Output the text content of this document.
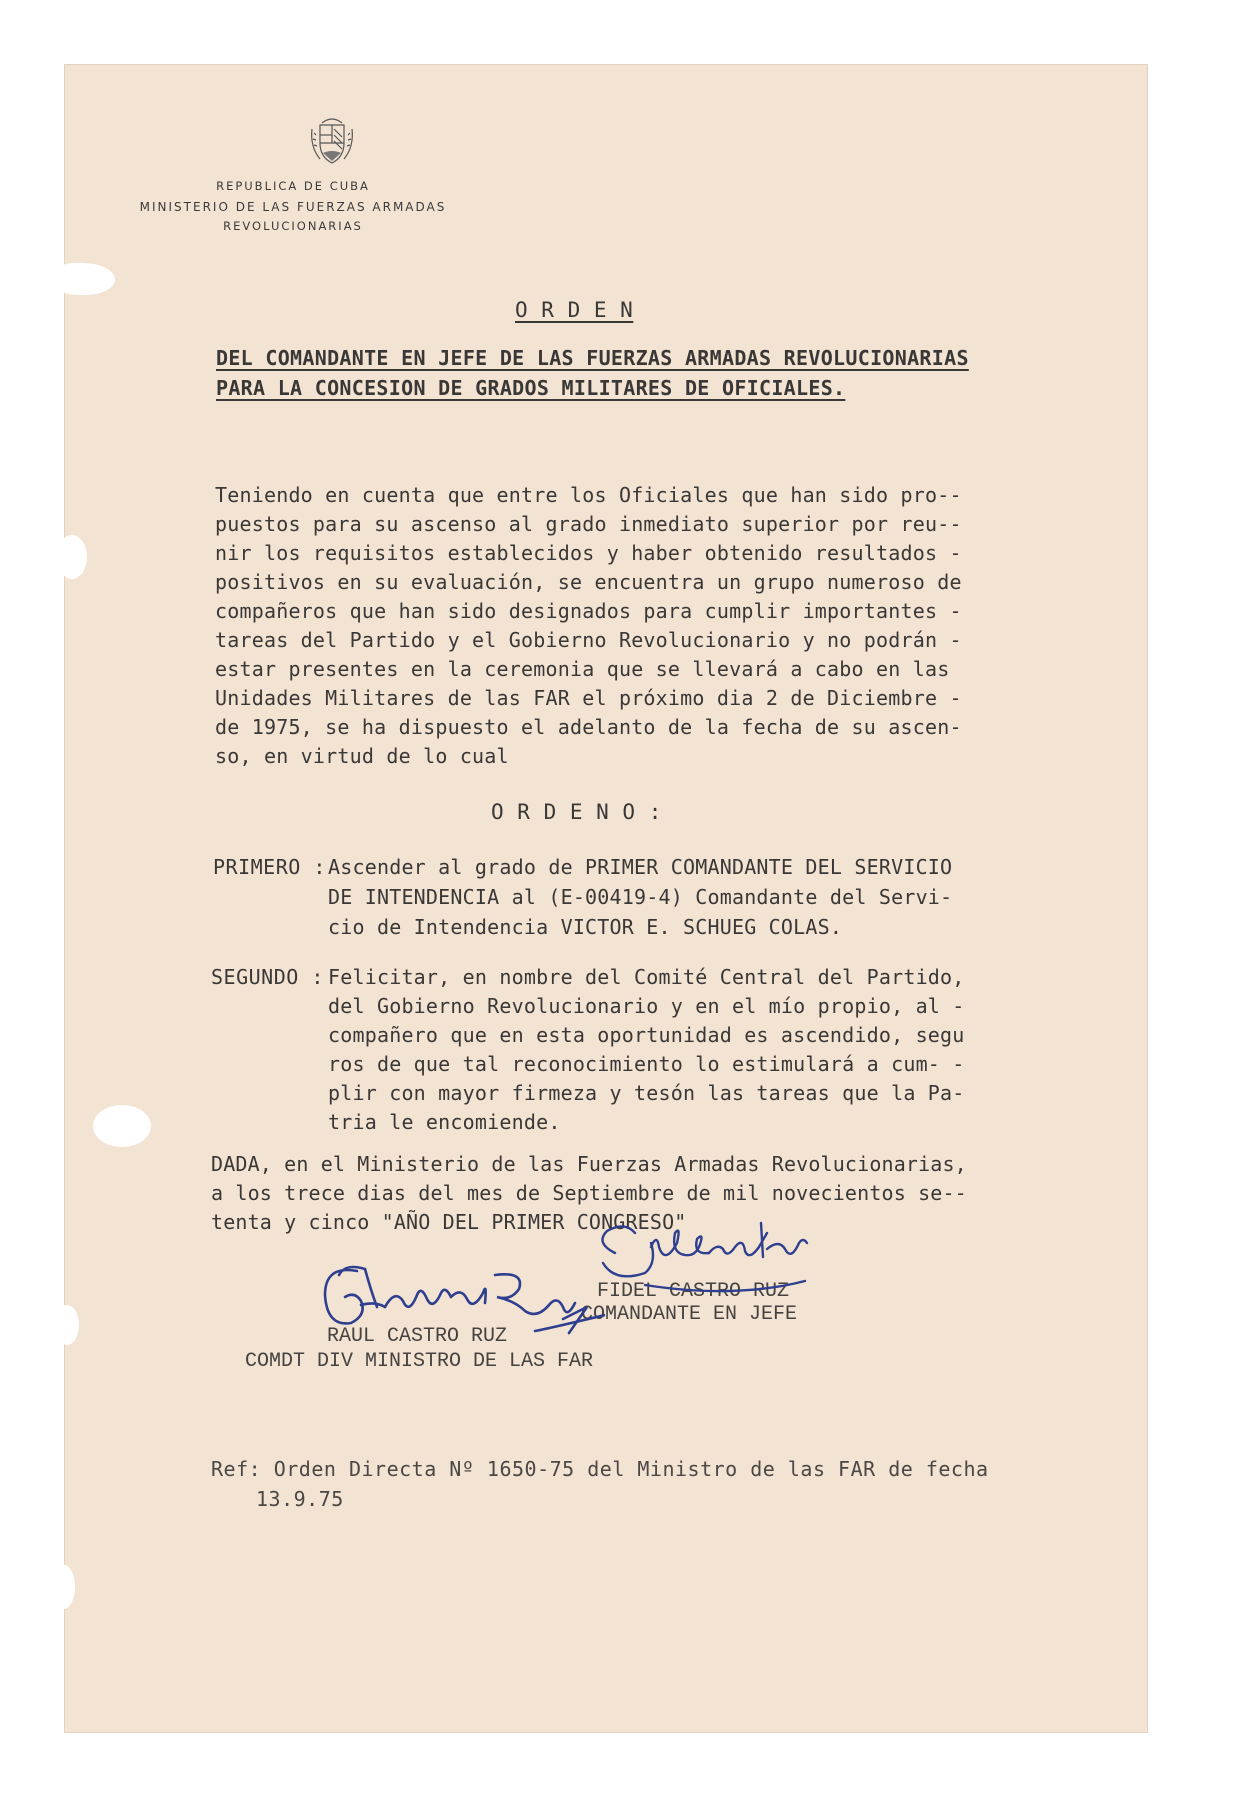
REPUBLICA DE CUBA
MINISTERIO DE LAS FUERZAS ARMADAS
REVOLUCIONARIAS
O R D E N
DEL COMANDANTE EN JEFE DE LAS FUERZAS ARMADAS REVOLUCIONARIAS
PARA LA CONCESION DE GRADOS MILITARES DE OFICIALES.

Teniendo en cuenta que entre los Oficiales que han sido pro--

puestos para su ascenso al grado inmediato superior por reu--

nir los requisitos establecidos y haber obtenido resultados -

positivos en su evaluación, se encuentra un grupo numeroso de

compañeros que han sido designados para cumplir importantes -

tareas del Partido y el Gobierno Revolucionario y no podrán -

estar presentes en la ceremonia que se llevará a cabo en las

Unidades Militares de las FAR el próximo dia 2 de Diciembre -

de 1975, se ha dispuesto el adelanto de la fecha de su ascen-

so, en virtud de lo cual

O R D E N O :
PRIMERO :

Ascender al grado de PRIMER COMANDANTE DEL SERVICIO

DE INTENDENCIA al (E-00419-4) Comandante del Servi-

cio de Intendencia VICTOR E. SCHUEG COLAS.

SEGUNDO :

Felicitar, en nombre del Comité Central del Partido,

del Gobierno Revolucionario y en el mío propio, al -

compañero que en esta oportunidad es ascendido, segu

ros de que tal reconocimiento lo estimulará a cum- -

plir con mayor firmeza y tesón las tareas que la Pa-

tria le encomiende.

DADA, en el Ministerio de las Fuerzas Armadas Revolucionarias,

a los trece dias del mes de Septiembre de mil novecientos se--

tenta y cinco "AÑO DEL PRIMER CONGRESO"

FIDEL CASTRO RUZ
COMANDANTE EN JEFE
RAUL CASTRO RUZ
COMDT DIV MINISTRO DE LAS FAR

Ref: Orden Directa Nº 1650-75 del Ministro de las FAR de fecha

13.9.75
